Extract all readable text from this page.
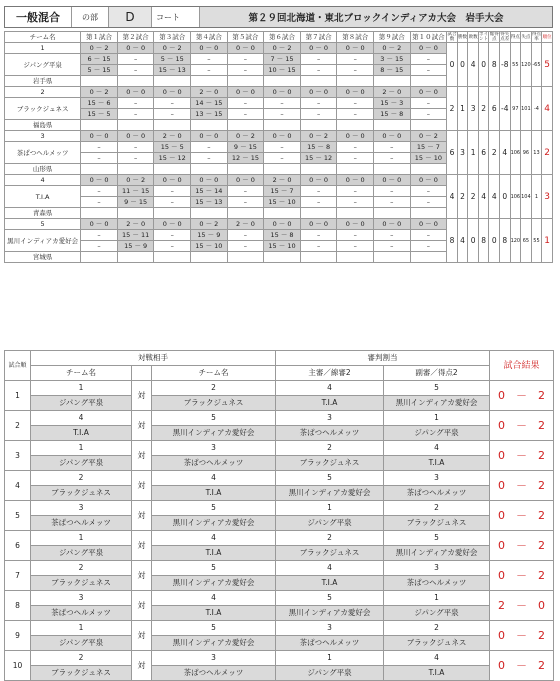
一般混合	の部	D	コート	第２９回北海道・東北ブロックインディアカ大会　岩手大会
チーム名	第１試合	第２試合	第３試合	第４試合	第５試合	第６試合	第７試合	第８試合	第９試合	第１０試合	試合数	勝数	敗数	ポイント	総得点	得失点差	得点	失点	得点率	順位
1	0 － 2	0 － 0	0 － 2	0 － 0	0 － 0	0 － 2	0 － 0	0 － 0	0 － 2	0 － 0	0	0	4	0	8	-8	55	120	-65	5
ジパング平泉	6 － 15	–	5 － 15	–	–	7 － 15	–	–	3 － 15	–										
	5 － 15	–	15 － 13	–	–	10 － 15	–	–	8 － 15	–										
岩手県																				
2	0 － 2	0 － 0	0 － 0	2 － 0	0 － 0	0 － 0	0 － 0	0 － 0	2 － 0	0 － 0	2	1	3	2	6	-4	97	101	-4	4
ブラックジュネス	15 － 6	–	–	14 － 15	–	–	–	–	15 － 3	–										
	15 － 5	–	–	13 － 15	–	–	–	–	15 － 8	–										
福島県																				
3	0 － 0	0 － 0	2 － 0	0 － 0	0 － 2	0 － 0	0 － 2	0 － 0	0 － 0	0 － 2	6	3	1	6	2	4	106	96	13	2
茶ぱつヘルメッツ	–	–	15 － 5	–	9 － 15	–	15 － 8	–	–	15 － 7										
	–	–	15 － 12	–	12 － 15	–	15 － 12	–	–	15 － 10										
山形県																				
4	0 － 0	0 － 2	0 － 0	0 － 0	0 － 0	2 － 0	0 － 0	0 － 0	0 － 0	0 － 0	4	2	2	4	4	0	106	104	1	3
T.I.A	–	11 － 15	–	15 － 14	–	15 － 7	–	–	–	–										
	–	9 － 15	–	15 － 13	–	15 － 10	–	–	–	–										
青森県																				
5	0 － 0	2 － 0	0 － 0	0 － 2	2 － 0	0 － 0	0 － 0	0 － 0	0 － 0	0 － 0	8	4	0	8	0	8	120	65	55	1
黒川インディアカ愛好会	–	15 － 11	–	15 － 9	–	15 － 8	–	–	–	–										
	–	15 － 9	–	15 － 10	–	15 － 10	–	–	–	–										
宮城県																				
試合順	対戦相手			審判割当		試合結果
	チーム名		チーム名	主審／線審2	副審／得点2	
1	1	対	2	4	5	0　－　2
	ジパング平泉		ブラックジュネス	T.I.A	黒川インディアカ愛好会	
2	4	対	5	3	1	0　－　2
	T.I.A		黒川インディアカ愛好会	茶ぱつヘルメッツ	ジパング平泉	
3	1	対	3	2	4	0　－　2
	ジパング平泉		茶ぱつヘルメッツ	ブラックジュネス	T.I.A	
4	2	対	4	5	3	0　－　2
	ブラックジュネス		T.I.A	黒川インディアカ愛好会	茶ぱつヘルメッツ	
5	3	対	5	1	2	0　－　2
	茶ぱつヘルメッツ		黒川インディアカ愛好会	ジパング平泉	ブラックジュネス	
6	1	対	4	2	5	0　－　2
	ジパング平泉		T.I.A	ブラックジュネス	黒川インディアカ愛好会	
7	2	対	5	4	3	0　－　2
	ブラックジュネス		黒川インディアカ愛好会	T.I.A	茶ぱつヘルメッツ	
8	3	対	4	5	1	2　－　0
	茶ぱつヘルメッツ		T.I.A	黒川インディアカ愛好会	ジパング平泉	
9	1	対	5	3	2	0　－　2
	ジパング平泉		黒川インディアカ愛好会	茶ぱつヘルメッツ	ブラックジュネス	
10	2	対	3	1	4	0　－　2
	ブラックジュネス		茶ぱつヘルメッツ	ジパング平泉	T.I.A	
